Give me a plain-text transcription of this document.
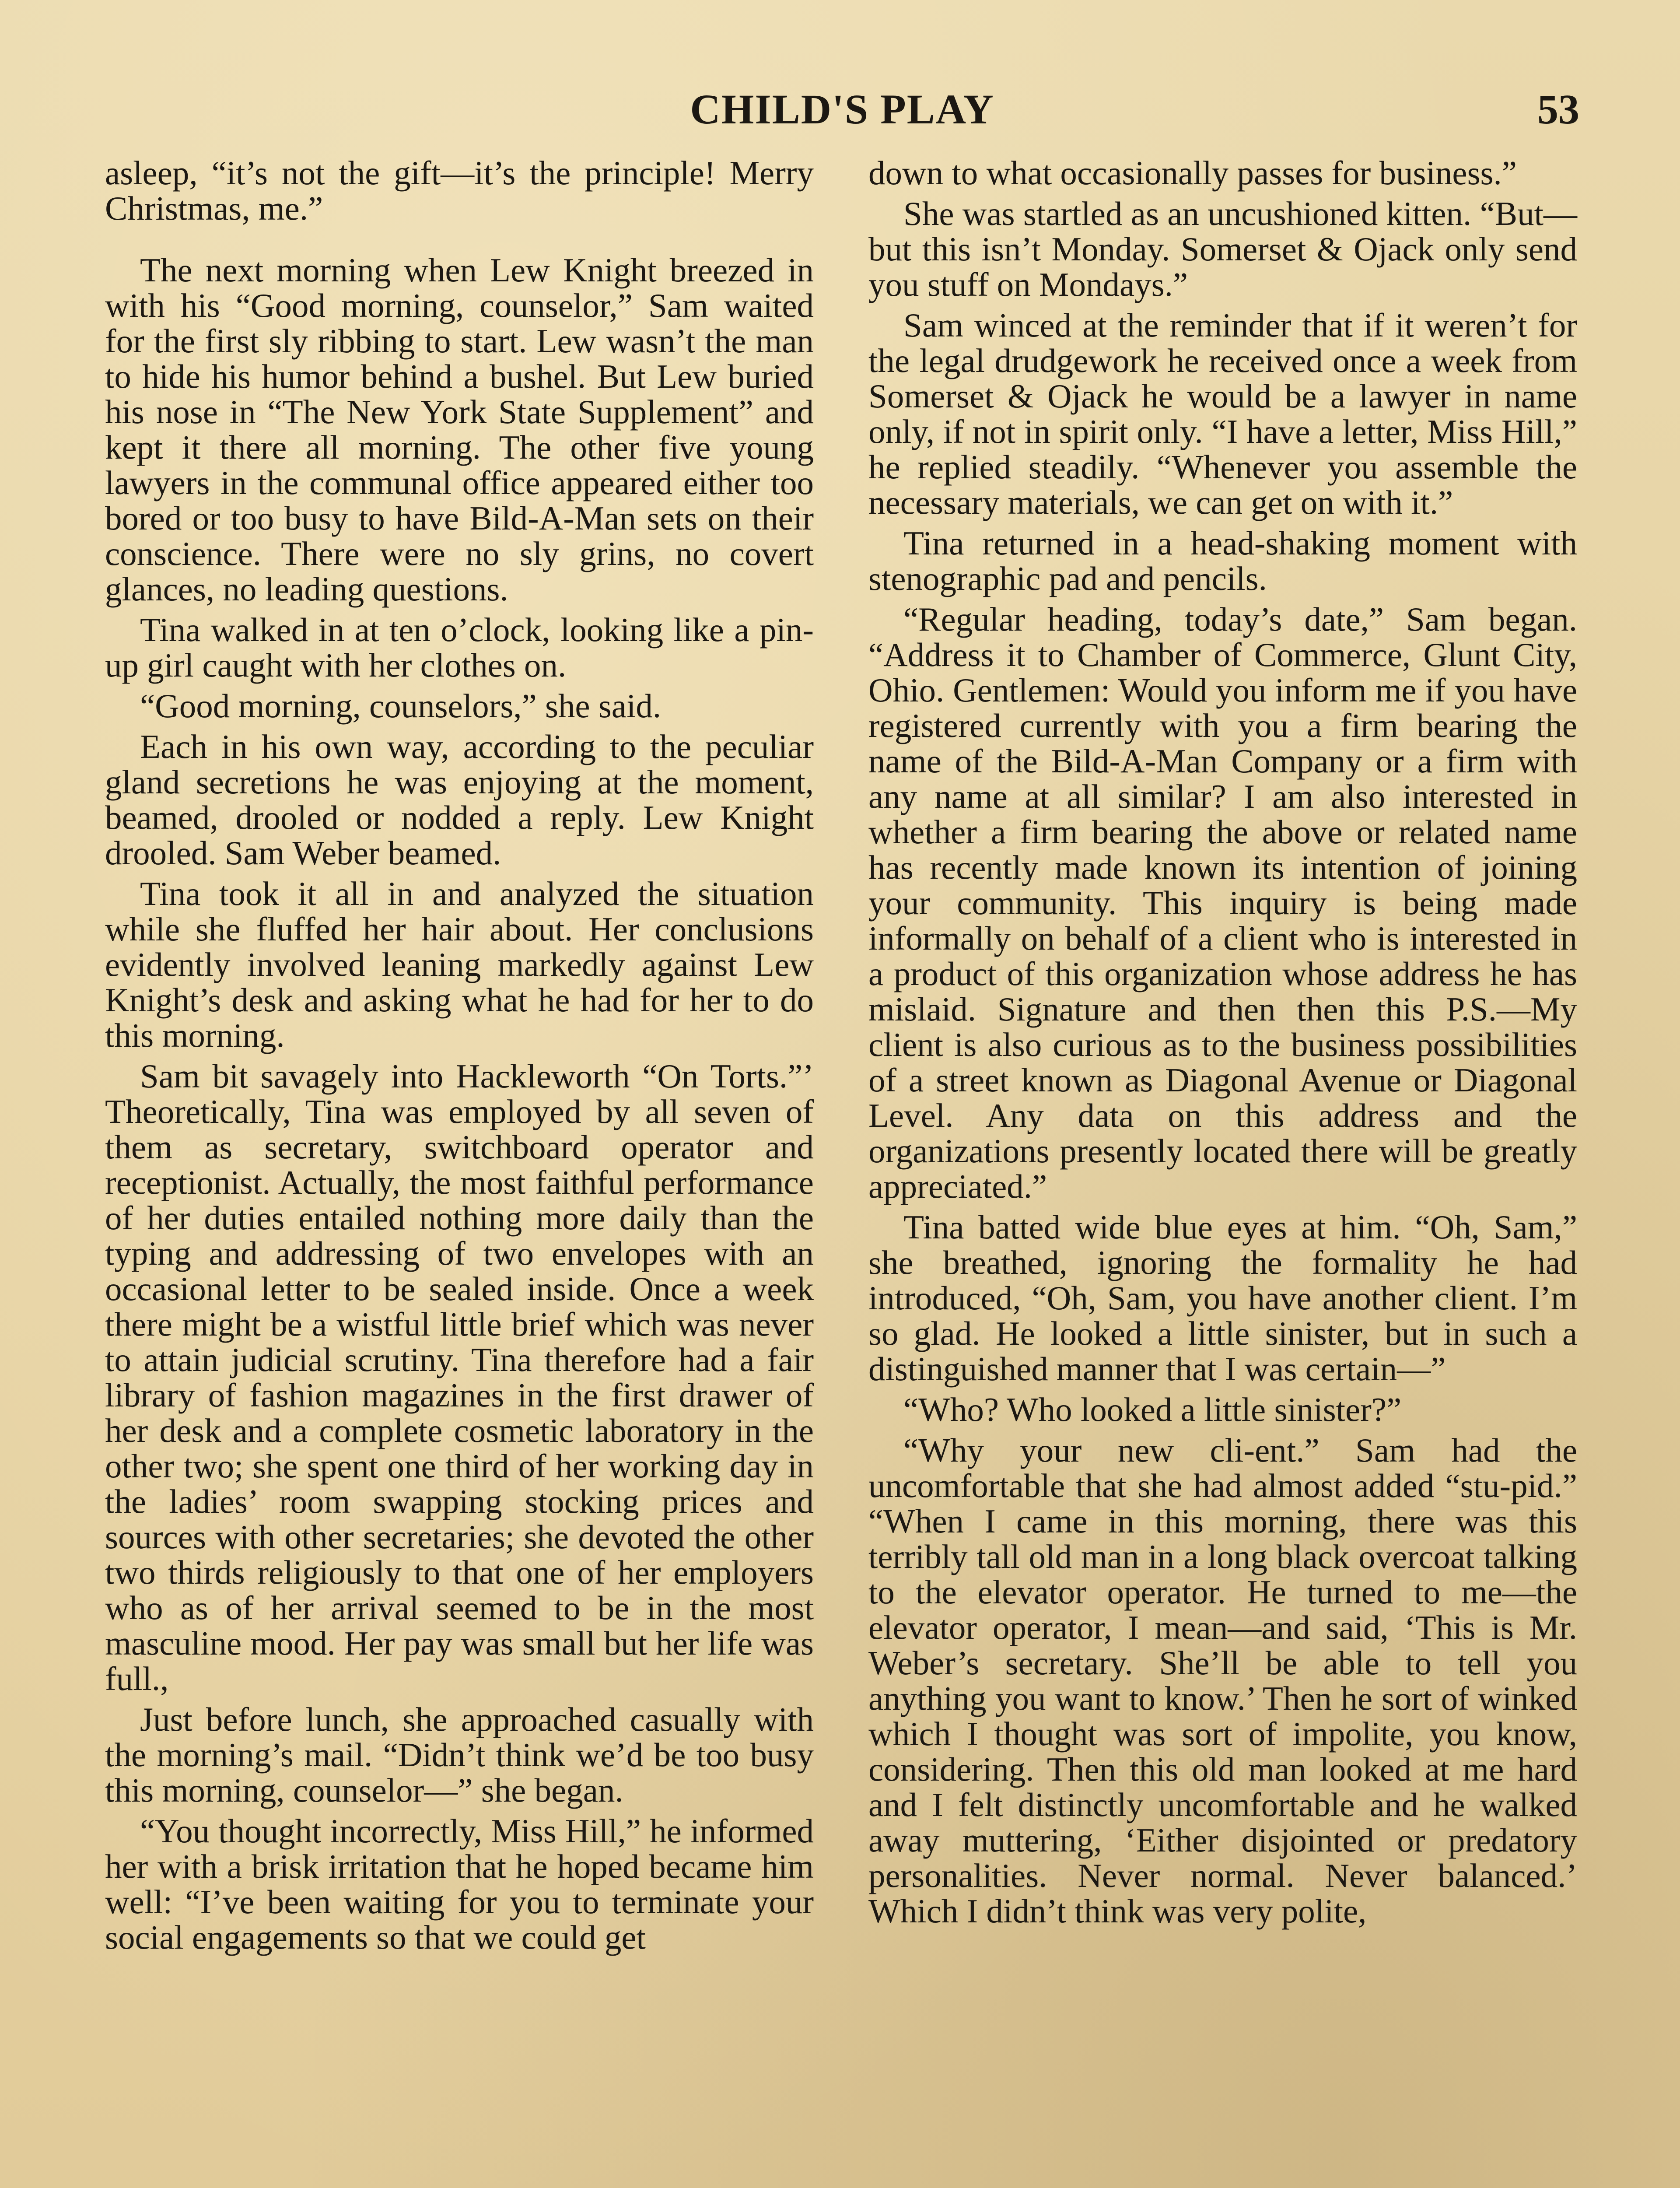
CHILD'S PLAY	53

asleep, “it’s not the gift—it’s the principle! Merry Christmas, me.”

The next morning when Lew Knight breezed in with his “Good morning, counselor,” Sam waited for the first sly ribbing to start. Lew wasn’t the man to hide his humor behind a bushel. But Lew buried his nose in “The New York State Supplement” and kept it there all morning. The other five young lawyers in the communal office appeared either too bored or too busy to have Bild-A-Man sets on their conscience. There were no sly grins, no covert glances, no leading questions.

Tina walked in at ten o’clock, looking like a pin-up girl caught with her clothes on.

“Good morning, counselors,” she said.

Each in his own way, according to the peculiar gland secretions he was enjoying at the moment, beamed, drooled or nodded a reply. Lew Knight drooled. Sam Weber beamed.

Tina took it all in and analyzed the situation while she fluffed her hair about. Her conclusions evidently involved leaning markedly against Lew Knight’s desk and asking what he had for her to do this morning.

Sam bit savagely into Hackleworth “On Torts.”’ Theoretically, Tina was employed by all seven of them as secretary, switchboard operator and receptionist. Actually, the most faithful performance of her duties entailed nothing more daily than the typing and addressing of two envelopes with an occasional letter to be sealed inside. Once a week there might be a wistful little brief which was never to attain judicial scrutiny. Tina therefore had a fair library of fashion magazines in the first drawer of her desk and a complete cosmetic laboratory in the other two; she spent one third of her working day in the ladies’ room swapping stocking prices and sources with other secretaries; she devoted the other two thirds religiously to that one of her employers who as of her arrival seemed to be in the most masculine mood. Her pay was small but her life was full.,

Just before lunch, she approached casually with the morning’s mail. “Didn’t think we’d be too busy this morning, counselor—” she began.

“You thought incorrectly, Miss Hill,” he informed her with a brisk irritation that he hoped became him well: “I’ve been waiting for you to terminate your social engagements so that we could get

down to what occasionally passes for business.”

She was startled as an uncushioned kitten. “But—but this isn’t Monday. Somerset & Ojack only send you stuff on Mondays.”

Sam winced at the reminder that if it weren’t for the legal drudgework he received once a week from Somerset & Ojack he would be a lawyer in name only, if not in spirit only. “I have a letter, Miss Hill,” he replied steadily. “Whenever you assemble the necessary materials, we can get on with it.”

Tina returned in a head-shaking moment with stenographic pad and pencils.

“Regular heading, today’s date,” Sam began. “Address it to Chamber of Commerce, Glunt City, Ohio. Gentlemen: Would you inform me if you have registered currently with you a firm bearing the name of the Bild-A-Man Company or a firm with any name at all similar? I am also interested in whether a firm bearing the above or related name has recently made known its intention of joining your community. This inquiry is being made informally on behalf of a client who is interested in a product of this organization whose address he has mislaid. Signature and then then this P.S.—My client is also curious as to the business possibilities of a street known as Diagonal Avenue or Diagonal Level. Any data on this address and the organizations presently located there will be greatly appreciated.”

Tina batted wide blue eyes at him. “Oh, Sam,” she breathed, ignoring the formality he had introduced, “Oh, Sam, you have another client. I’m so glad. He looked a little sinister, but in such a distinguished manner that I was certain—”

“Who? Who looked a little sinister?”

“Why your new cli-ent.” Sam had the uncomfortable that she had almost added “stu-pid.” “When I came in this morning, there was this terribly tall old man in a long black overcoat talking to the elevator operator. He turned to me—the elevator operator, I mean—and said, ‘This is Mr. Weber’s secretary. She’ll be able to tell you anything you want to know.’ Then he sort of winked which I thought was sort of impolite, you know, considering. Then this old man looked at me hard and I felt distinctly uncomfortable and he walked away muttering, ‘Either disjointed or predatory personalities. Never normal. Never balanced.’ Which I didn’t think was very polite,
